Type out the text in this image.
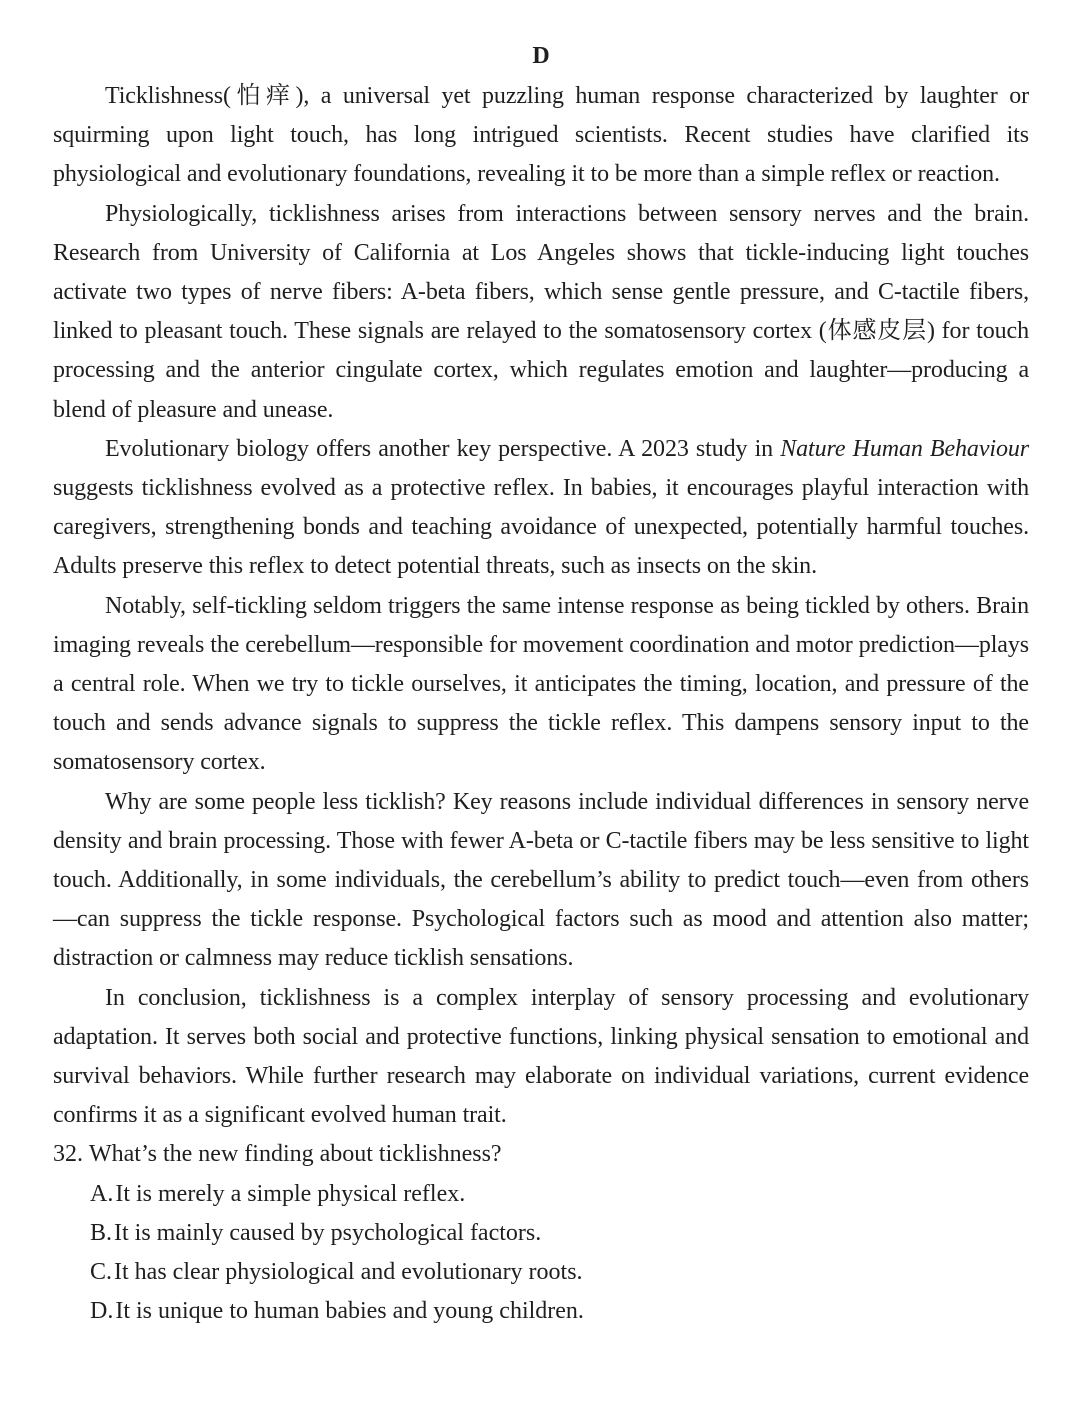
D

Ticklishness(怕痒), a universal yet puzzling human response characterized by laughter or squirming upon light touch, has long intrigued scientists. Recent studies have clarified its physiological and evolutionary foundations, revealing it to be more than a simple reflex or reaction.

Physiologically, ticklishness arises from interactions between sensory nerves and the brain. Research from University of California at Los Angeles shows that tickle-inducing light touches activate two types of nerve fibers: A-beta fibers, which sense gentle pressure, and C-tactile fibers, linked to pleasant touch. These signals are relayed to the somatosensory cortex (体感皮层) for touch processing and the anterior cingulate cortex, which regulates emotion and laughter—producing a blend of pleasure and unease.

Evolutionary biology offers another key perspective. A 2023 study in Nature Human Behaviour suggests ticklishness evolved as a protective reflex. In babies, it encourages playful interaction with caregivers, strengthening bonds and teaching avoidance of unexpected, potentially harmful touches. Adults preserve this reflex to detect potential threats, such as insects on the skin.

Notably, self-tickling seldom triggers the same intense response as being tickled by others. Brain imaging reveals the cerebellum—responsible for movement coordination and motor prediction—plays a central role. When we try to tickle ourselves, it anticipates the timing, location, and pressure of the touch and sends advance signals to suppress the tickle reflex. This dampens sensory input to the somatosensory cortex.

Why are some people less ticklish? Key reasons include individual differences in sensory nerve density and brain processing. Those with fewer A-beta or C-tactile fibers may be less sensitive to light touch. Additionally, in some individuals, the cerebellum’s ability to predict touch—even from others—can suppress the tickle response. Psychological factors such as mood and attention also matter; distraction or calmness may reduce ticklish sensations.

In conclusion, ticklishness is a complex interplay of sensory processing and evolutionary adaptation. It serves both social and protective functions, linking physical sensation to emotional and survival behaviors. While further research may elaborate on individual variations, current evidence confirms it as a significant evolved human trait.

32. What’s the new finding about ticklishness?

A.It is merely a simple physical reflex.
B.It is mainly caused by psychological factors.
C.It has clear physiological and evolutionary roots.
D.It is unique to human babies and young children.
